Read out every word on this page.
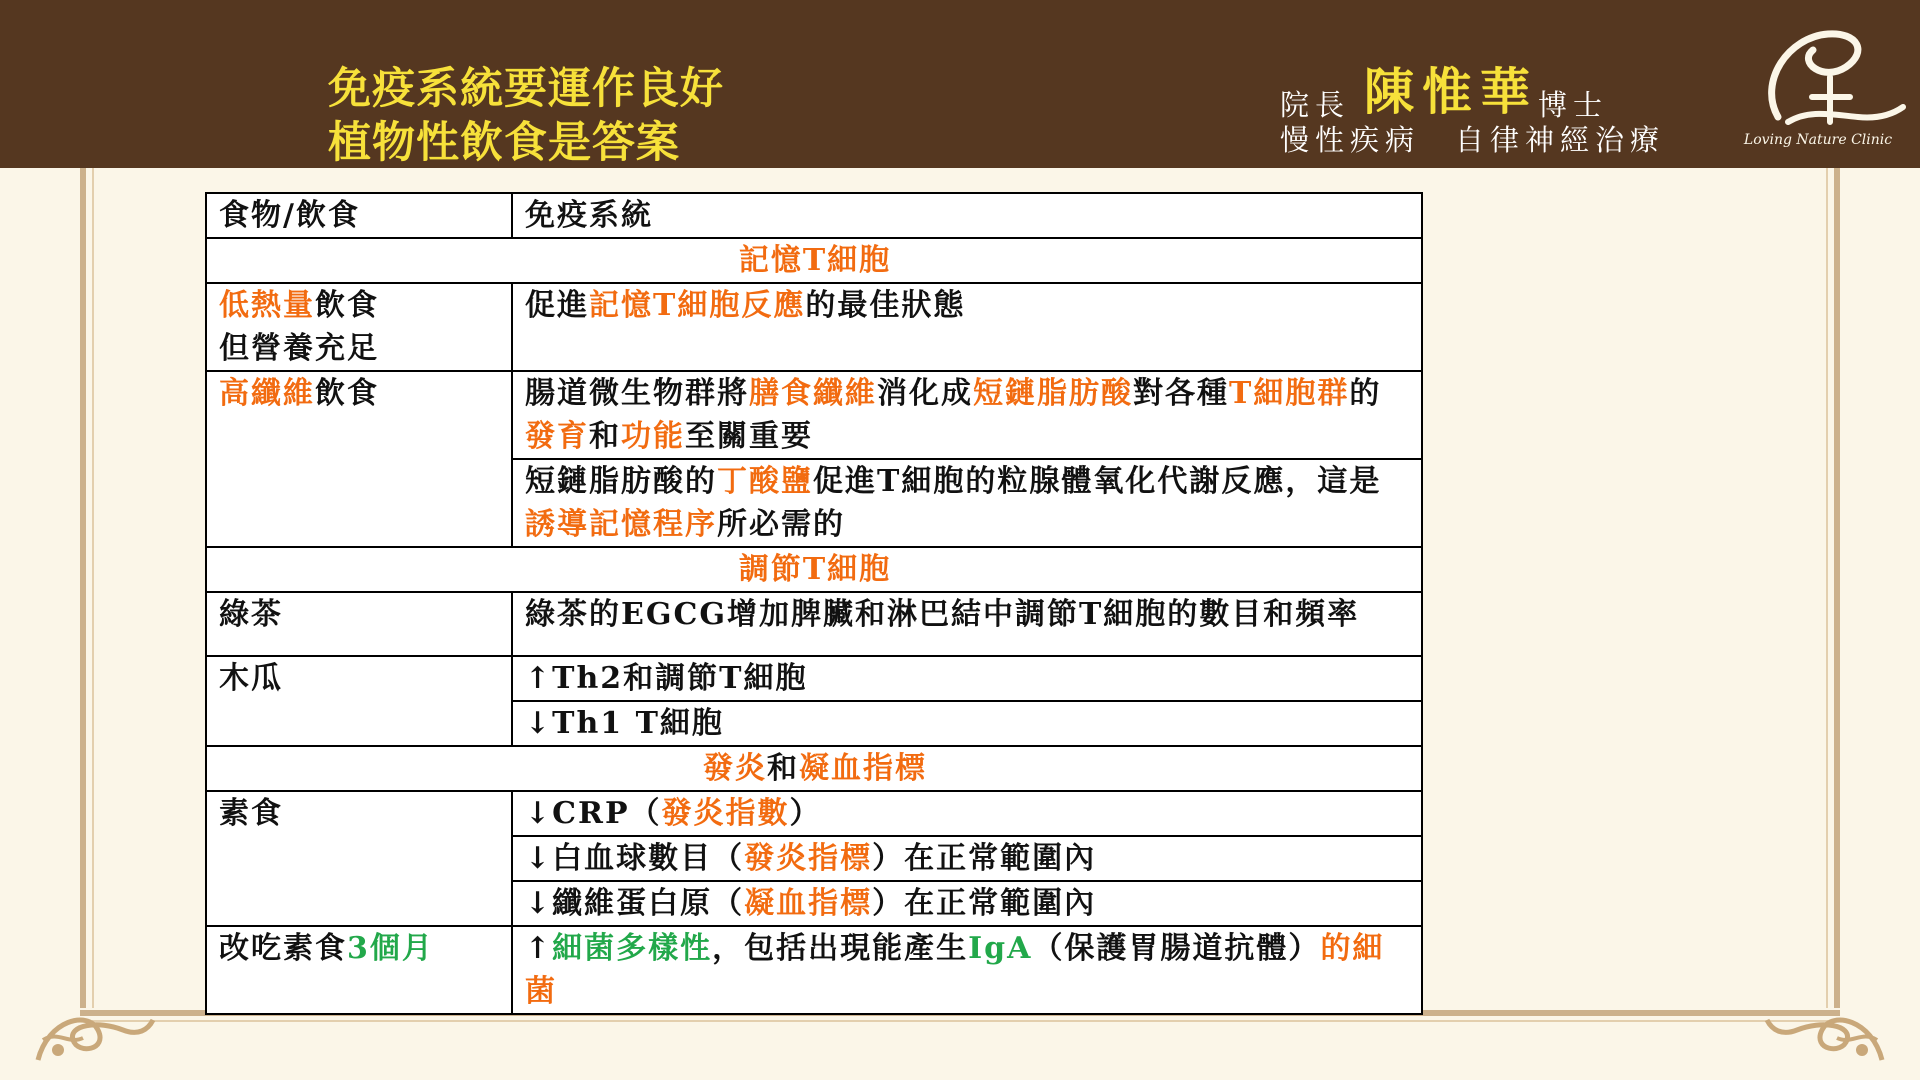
免疫系統要運作良好
植物性飲食是答案
院長 陳惟華博士
慢性疾病　自律神經治療	Loving Nature Clinic
食物/飲食	免疫系統
記憶T細胞	
低熱量飲食
但營養充足	促進記憶T細胞反應的最佳狀態
高纖維飲食	腸道微生物群將膳食纖維消化成短鏈脂肪酸對各種T細胞群的發育和功能至關重要
	短鏈脂肪酸的丁酸鹽促進T細胞的粒腺體氧化代謝反應，這是誘導記憶程序所必需的
調節T細胞	
綠茶	綠茶的EGCG增加脾臟和淋巴結中調節T細胞的數目和頻率
木瓜	↑Th2和調節T細胞
	↓Th1 T細胞
發炎和凝血指標	
素食	↓CRP（發炎指數）
	↓白血球數目（發炎指標）在正常範圍內
	↓纖維蛋白原（凝血指標）在正常範圍內
改吃素食3個月	↑細菌多樣性，包括出現能產生IgA（保護胃腸道抗體）的細菌
